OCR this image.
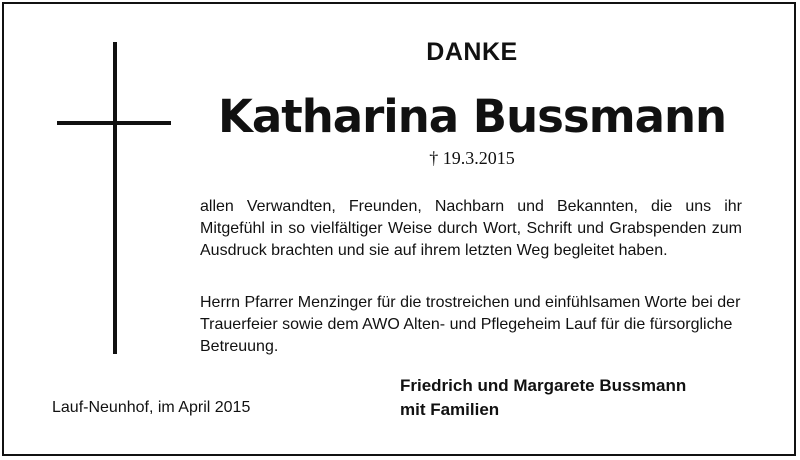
DANKE
Katharina Bussmann
† 19.3.2015

allen Verwandten, Freunden, Nachbarn und Bekannten, die uns ihr Mitgefühl in so vielfältiger Weise durch Wort, Schrift und Grabspenden zum Ausdruck brachten und sie auf ihrem letzten Weg begleitet haben.

Herrn Pfarrer Menzinger für die trostreichen und einfühlsamen Worte bei der Trauerfeier sowie dem AWO Alten- und Pflegeheim Lauf für die fürsorgliche Betreuung.

Friedrich und Margarete Bussmann
mit Familien
Lauf-Neunhof, im April 2015
